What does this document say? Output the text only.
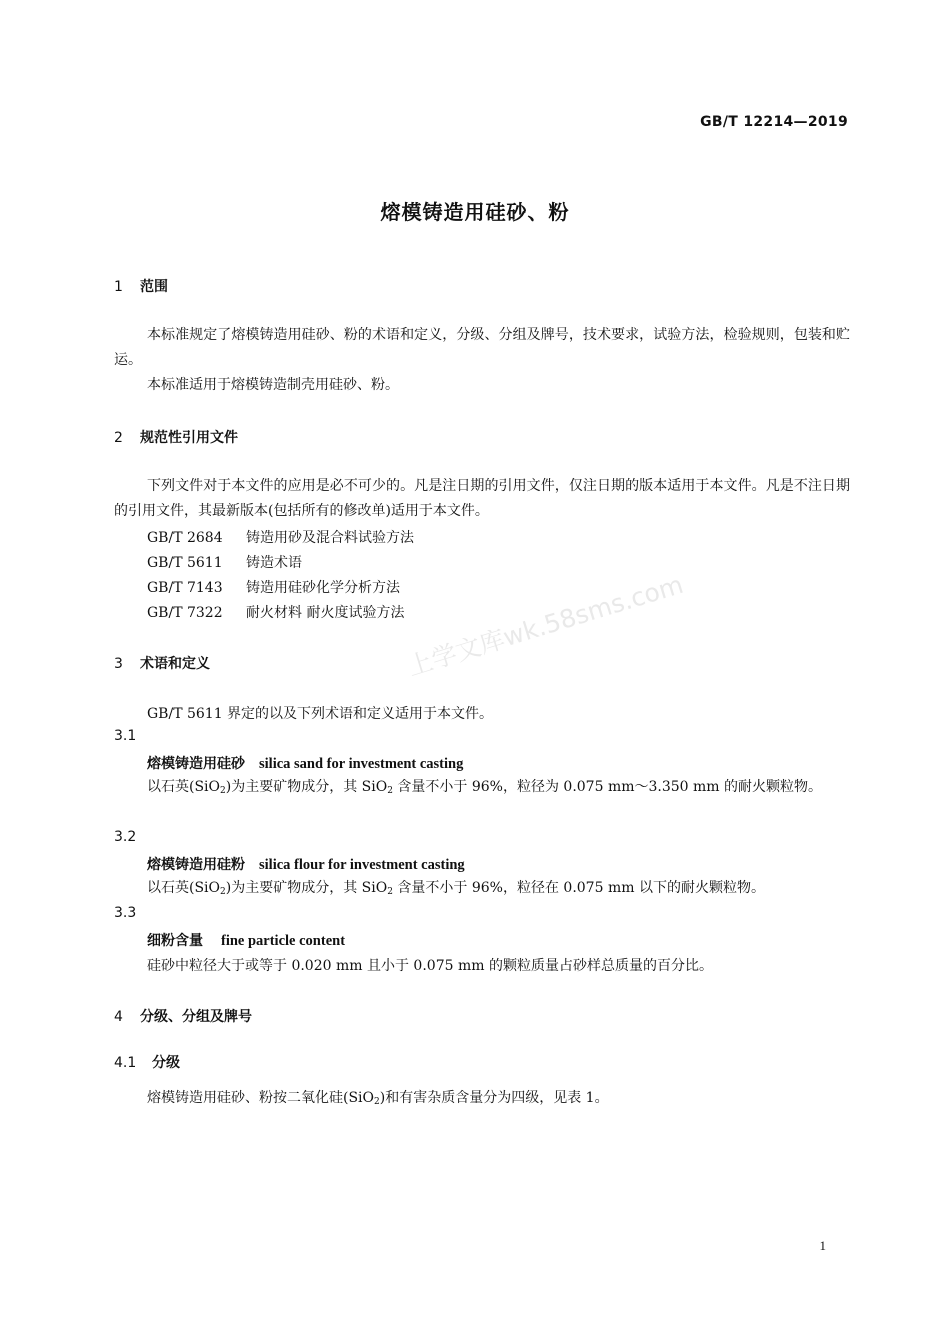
GB/T 12214—2019
熔模铸造用硅砂、粉
1 范围
本标准规定了熔模铸造用硅砂、粉的术语和定义，分级、分组及牌号，技术要求，试验方法，检验规则，包装和贮运。
本标准适用于熔模铸造制壳用硅砂、粉。
2 规范性引用文件
下列文件对于本文件的应用是必不可少的。凡是注日期的引用文件，仅注日期的版本适用于本文件。凡是不注日期的引用文件，其最新版本(包括所有的修改单)适用于本文件。
GB/T 2684 铸造用砂及混合料试验方法
GB/T 5611 铸造术语
GB/T 7143 铸造用硅砂化学分析方法
GB/T 7322 耐火材料 耐火度试验方法
3 术语和定义
GB/T 5611 界定的以及下列术语和定义适用于本文件。
3.1
熔模铸造用硅砂 silica sand for investment casting
以石英(SiO$_2$)为主要矿物成分，其 SiO$_2$ 含量不小于 96%，粒径为 0.075 mm～3.350 mm 的耐火颗粒物。
3.2
熔模铸造用硅粉 silica flour for investment casting
以石英(SiO$_2$)为主要矿物成分，其 SiO$_2$ 含量不小于 96%，粒径在 0.075 mm 以下的耐火颗粒物。
3.3
细粉含量 fine particle content
硅砂中粒径大于或等于 0.020 mm 且小于 0.075 mm 的颗粒质量占砂样总质量的百分比。
4 分级、分组及牌号
4.1 分级
熔模铸造用硅砂、粉按二氧化硅(SiO$_2$)和有害杂质含量分为四级，见表 1。
上学文库wk.58sms.com
1
